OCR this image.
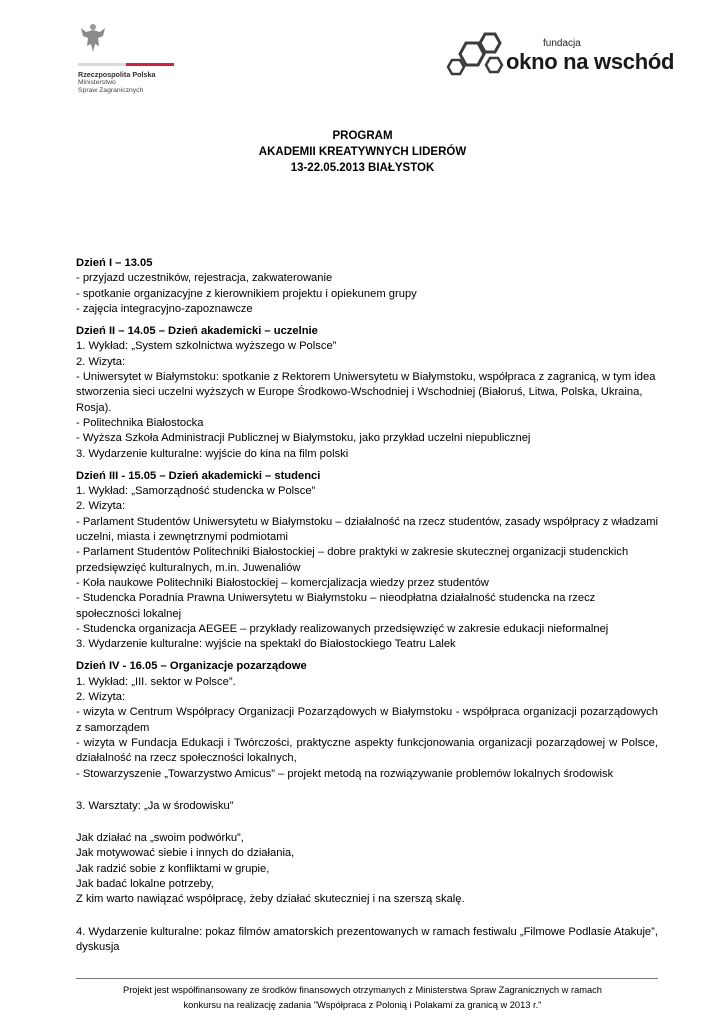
Rzeczpospolita Polska
Ministerstwo
Spraw Zagranicznych
fundacja
okno na wschód
PROGRAM
AKADEMII KREATYWNYCH LIDERÓW
13-22.05.2013 BIAŁYSTOK

Dzień I – 13.05

- przyjazd uczestników, rejestracja, zakwaterowanie

- spotkanie organizacyjne z kierownikiem projektu i opiekunem grupy

- zajęcia integracyjno-zapoznawcze

Dzień II – 14.05 – Dzień akademicki – uczelnie

1. Wykład: „System szkolnictwa wyższego w Polsce”

2. Wizyta:

- Uniwersytet w Białymstoku: spotkanie z Rektorem Uniwersytetu w Białymstoku, współpraca z zagranicą, w tym idea stworzenia sieci uczelni wyższych w Europe Środkowo-Wschodniej i Wschodniej (Białoruś, Litwa, Polska, Ukraina, Rosja).

- Politechnika Białostocka

- Wyższa Szkoła Administracji Publicznej w Białymstoku, jako przykład uczelni niepublicznej

3. Wydarzenie kulturalne: wyjście do kina na film polski

Dzień III - 15.05 – Dzień akademicki – studenci

1. Wykład: „Samorządność studencka w Polsce”

2. Wizyta:

- Parlament Studentów Uniwersytetu w Białymstoku – działalność na rzecz studentów, zasady współpracy z władzami uczelni, miasta i zewnętrznymi podmiotami

- Parlament Studentów Politechniki Białostockiej – dobre praktyki w zakresie skutecznej organizacji studenckich przedsięwzięć kulturalnych, m.in. Juwenaliów

- Koła naukowe Politechniki Białostockiej – komercjalizacja wiedzy przez studentów

- Studencka Poradnia Prawna Uniwersytetu w Białymstoku – nieodpłatna działalność studencka na rzecz społeczności lokalnej

- Studencka organizacja AEGEE – przykłady realizowanych przedsięwzięć w zakresie edukacji nieformalnej

3. Wydarzenie kulturalne: wyjście na spektakl do Białostockiego Teatru Lalek

Dzień IV - 16.05 – Organizacje pozarządowe

1. Wykład: „III. sektor w Polsce”.

2. Wizyta:

- wizyta w Centrum Współpracy Organizacji Pozarządowych w Białymstoku - współpraca organizacji pozarządowych z samorządem

- wizyta w Fundacja Edukacji i Twórczości, praktyczne aspekty funkcjonowania organizacji pozarządowej w Polsce, działalność na rzecz społeczności lokalnych,

- Stowarzyszenie „Towarzystwo Amicus” – projekt metodą na rozwiązywanie problemów lokalnych środowisk

3. Warsztaty: „Ja w środowisku”

Jak działać na „swoim podwórku”,

Jak motywować siebie i innych do działania,

Jak radzić sobie z konfliktami w grupie,

Jak badać lokalne potrzeby,

Z kim warto nawiązać współpracę, żeby działać skuteczniej i na szerszą skalę.

4. Wydarzenie kulturalne: pokaz filmów amatorskich prezentowanych w ramach festiwalu „Filmowe Podlasie Atakuje”, dyskusja

Projekt jest współfinansowany ze środków finansowych otrzymanych z Ministerstwa Spraw Zagranicznych w ramach
konkursu na realizację zadania "Współpraca z Polonią i Polakami za granicą w 2013 r."
